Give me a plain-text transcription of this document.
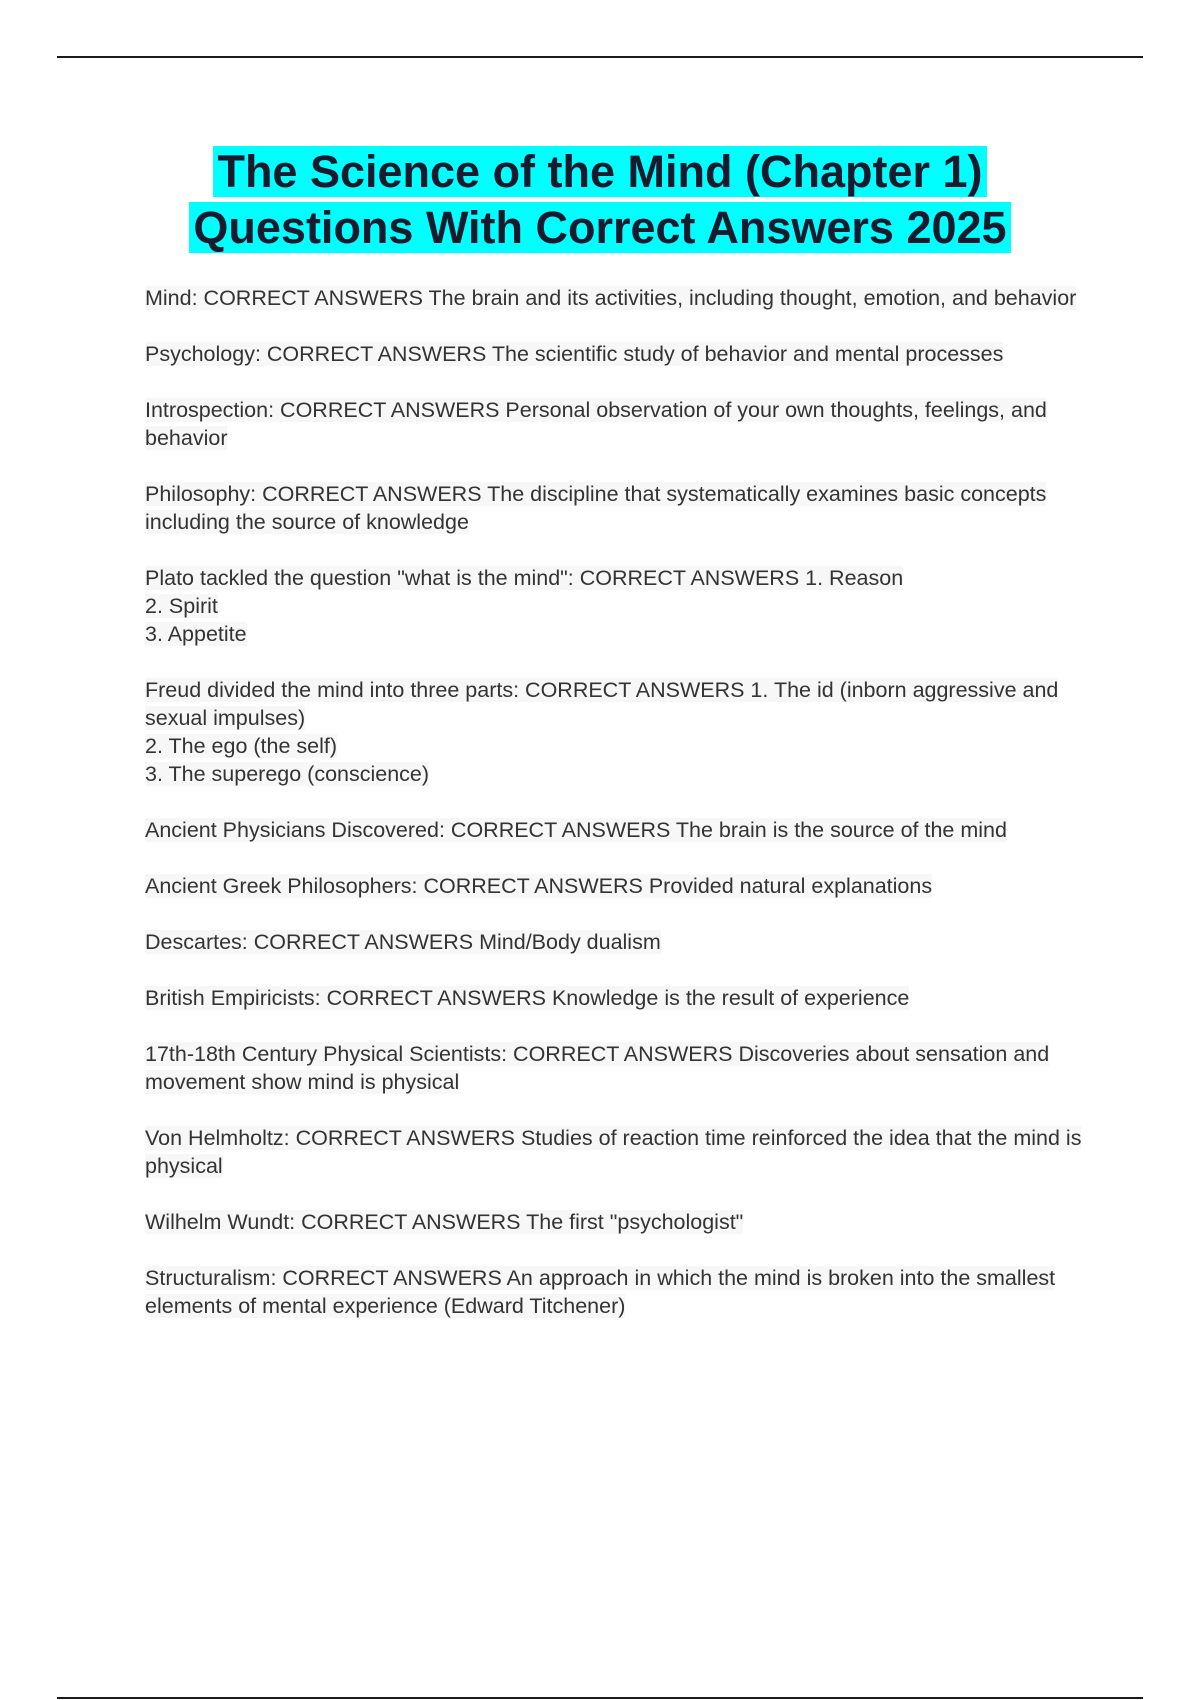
The Science of the Mind (Chapter 1)
Questions With Correct Answers 2025
Mind: CORRECT ANSWERS The brain and its activities, including thought, emotion, and behavior
Psychology: CORRECT ANSWERS The scientific study of behavior and mental processes
Introspection: CORRECT ANSWERS Personal observation of your own thoughts, feelings, and behavior
Philosophy: CORRECT ANSWERS The discipline that systematically examines basic concepts including the source of knowledge
Plato tackled the question "what is the mind": CORRECT ANSWERS 1. Reason
2. Spirit
3. Appetite
Freud divided the mind into three parts: CORRECT ANSWERS 1. The id (inborn aggressive and sexual impulses)
2. The ego (the self)
3. The superego (conscience)
Ancient Physicians Discovered: CORRECT ANSWERS The brain is the source of the mind
Ancient Greek Philosophers: CORRECT ANSWERS Provided natural explanations
Descartes: CORRECT ANSWERS Mind/Body dualism
British Empiricists: CORRECT ANSWERS Knowledge is the result of experience
17th-18th Century Physical Scientists: CORRECT ANSWERS Discoveries about sensation and movement show mind is physical
Von Helmholtz: CORRECT ANSWERS Studies of reaction time reinforced the idea that the mind is physical
Wilhelm Wundt: CORRECT ANSWERS The first "psychologist"
Structuralism: CORRECT ANSWERS An approach in which the mind is broken into the smallest elements of mental experience (Edward Titchener)
